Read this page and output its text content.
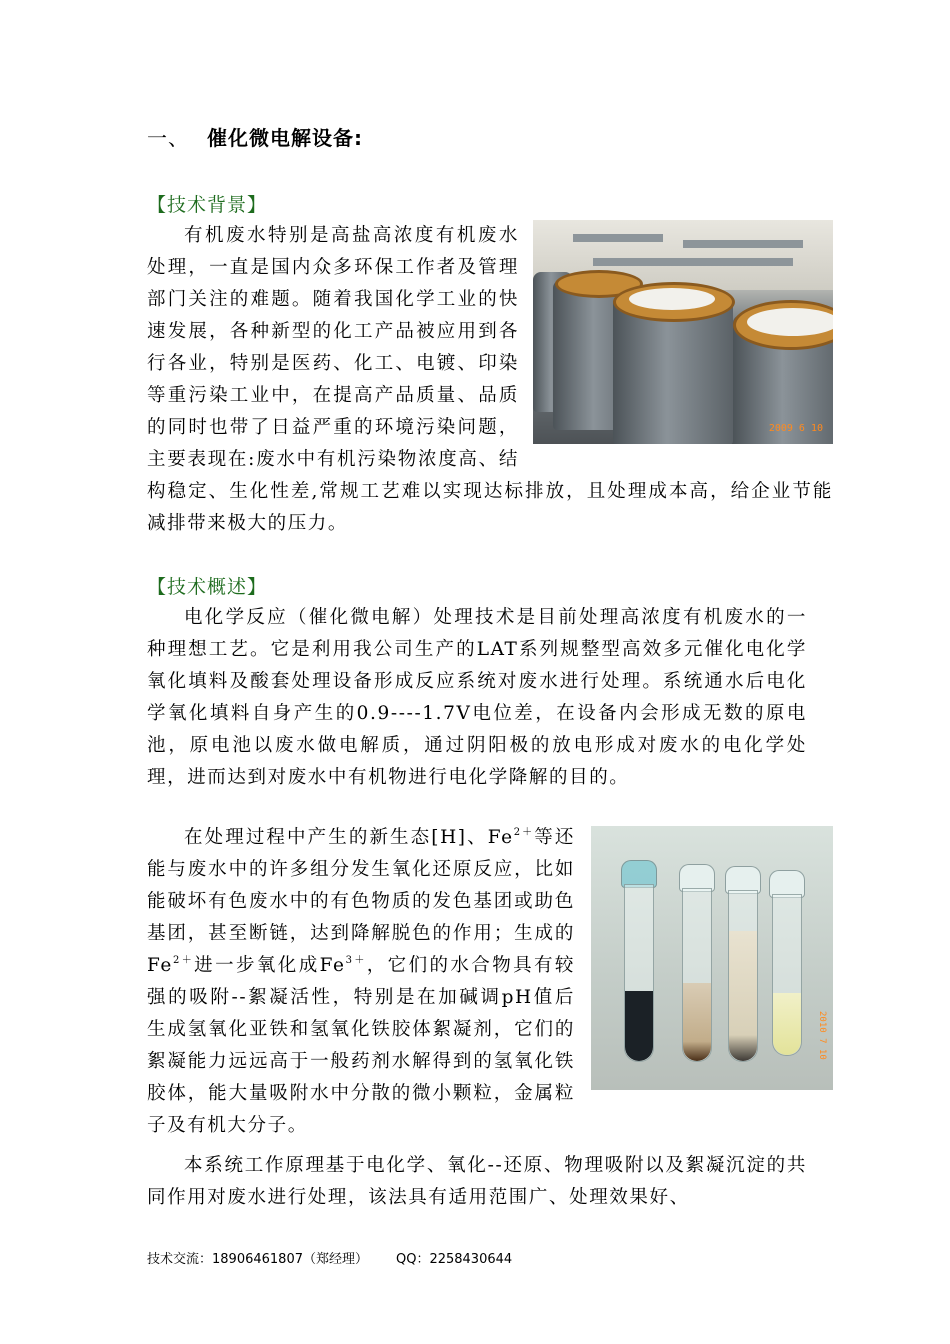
一、 催化微电解设备:
【技术背景】
2009 6 10

有机废水特别是高盐高浓度有机废水处理，一直是国内众多环保工作者及管理部门关注的难题。随着我国化学工业的快速发展，各种新型的化工产品被应用到各行各业，特别是医药、化工、电镀、印染等重污染工业中，在提高产品质量、品质的同时也带了日益严重的环境污染问题，主要表现在:废水中有机污染物浓度高、结构稳定、生化性差,常规工艺难以实现达标排放，且处理成本高，给企业节能减排带来极大的压力。

【技术概述】

电化学反应（催化微电解）处理技术是目前处理高浓度有机废水的一种理想工艺。它是利用我公司生产的LAT系列规整型高效多元催化电化学氧化填料及酸套处理设备形成反应系统对废水进行处理。系统通水后电化学氧化填料自身产生的0.9----1.7V电位差，在设备内会形成无数的原电池，原电池以废水做电解质，通过阴阳极的放电形成对废水的电化学处理，进而达到对废水中有机物进行电化学降解的目的。

2010 7 10

在处理过程中产生的新生态[H]、$Fe^{2+}$等还能与废水中的许多组分发生氧化还原反应，比如能破坏有色废水中的有色物质的发色基团或助色基团，甚至断链，达到降解脱色的作用；生成的$Fe^{2+}$进一步氧化成$Fe^{3+}$，它们的水合物具有较强的吸附--絮凝活性，特别是在加碱调pH值后生成氢氧化亚铁和氢氧化铁胶体絮凝剂，它们的絮凝能力远远高于一般药剂水解得到的氢氧化铁胶体，能大量吸附水中分散的微小颗粒，金属粒子及有机大分子。

本系统工作原理基于电化学、氧化--还原、物理吸附以及絮凝沉淀的共同作用对废水进行处理，该法具有适用范围广、处理效果好、

技术交流：18906461807（郑经理） QQ：2258430644
